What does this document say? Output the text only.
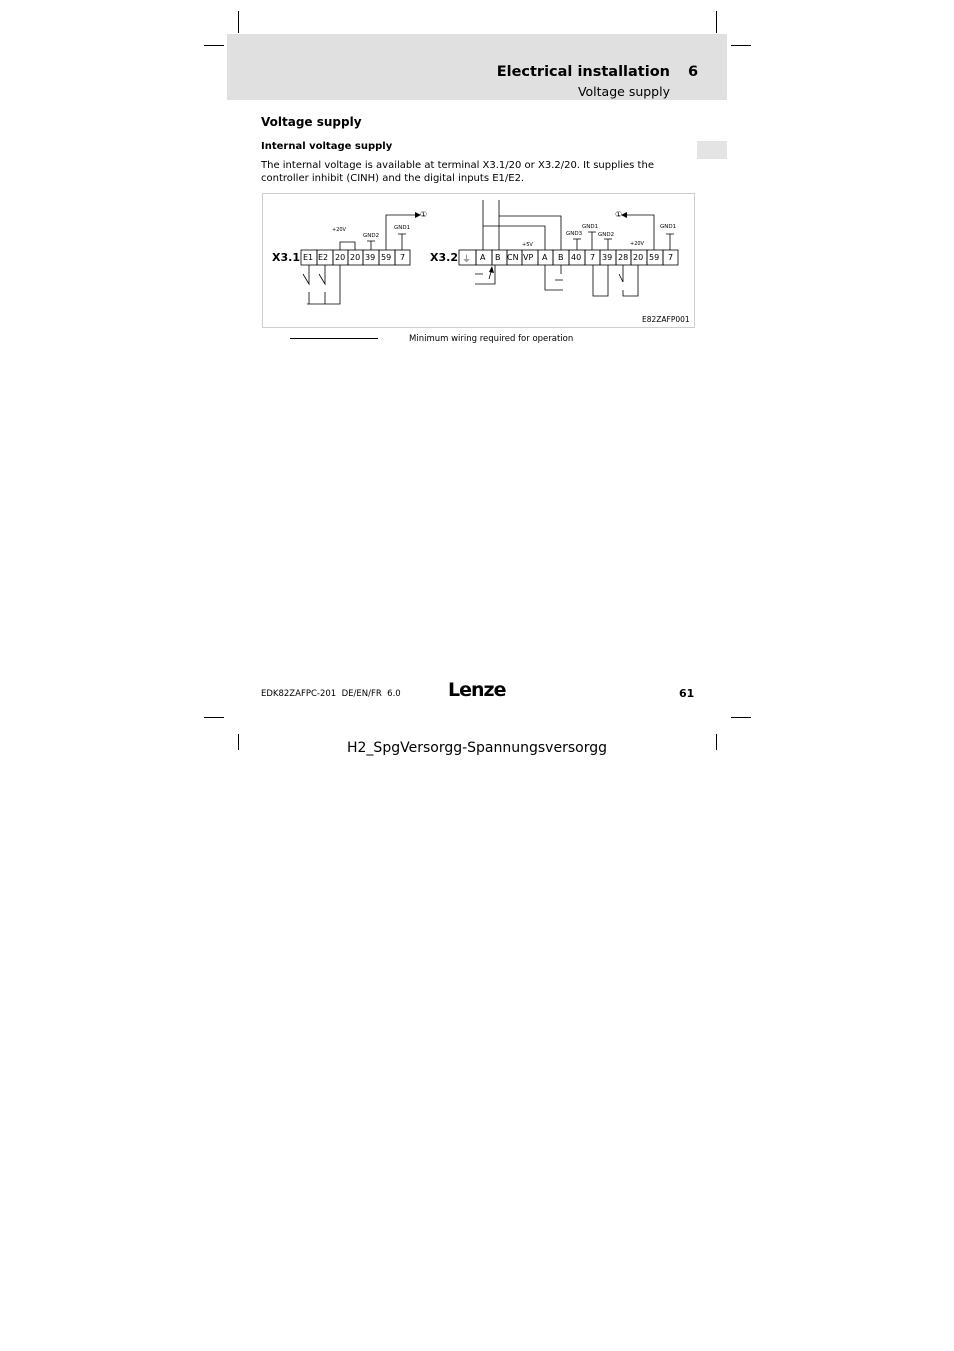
Electrical installation 6
Voltage supply
Voltage supply
Internal voltage supply
The internal voltage is available at terminal X3.1/20 or X3.2/20. It supplies the controller inhibit (CINH) and the digital inputs E1/E2.
X3.1 E1 E2 20 20 39 59 7
+20V
GND2
GND1
①
X3.2 ⏚ A B CN VP A B 40 7 39 28 20 59 7
+5V
GND3
GND1
GND2
+20V
GND1
①
E82ZAFP001
Minimum wiring required for operation
EDK82ZAFPC-201  DE/EN/FR  6.0 Lenze	61
H2_SpgVersorgg-Spannungsversorgg
